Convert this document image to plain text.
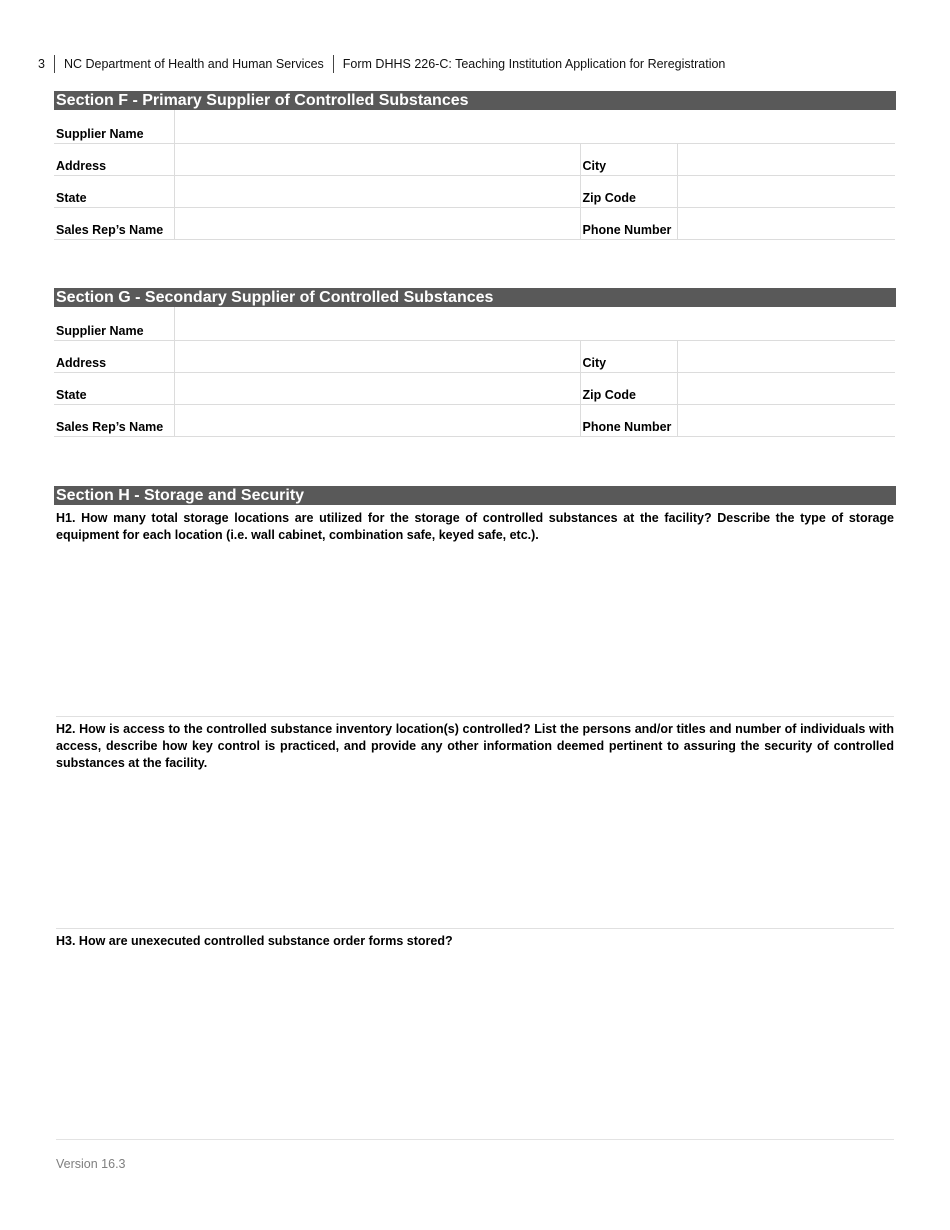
3 NC Department of Health and Human Services Form DHHS 226-C: Teaching Institution Application for Reregistration
Section F - Primary Supplier of Controlled Substances
Supplier Name			

Address		City	

State		Zip Code	

Sales Rep’s Name		Phone Number	

Section G - Secondary Supplier of Controlled Substances
Supplier Name			

Address		City	

State		Zip Code	

Sales Rep’s Name		Phone Number	

Section H - Storage and Security
H1. How many total storage locations are utilized for the storage of controlled substances at the facility? Describe the type of storage equipment for each location (i.e. wall cabinet, combination safe, keyed safe, etc.).
H2. How is access to the controlled substance inventory location(s) controlled? List the persons and/or titles and number of individuals with access, describe how key control is practiced, and provide any other information deemed pertinent to assuring the security of controlled substances at the facility.
H3. How are unexecuted controlled substance order forms stored?
Version 16.3
